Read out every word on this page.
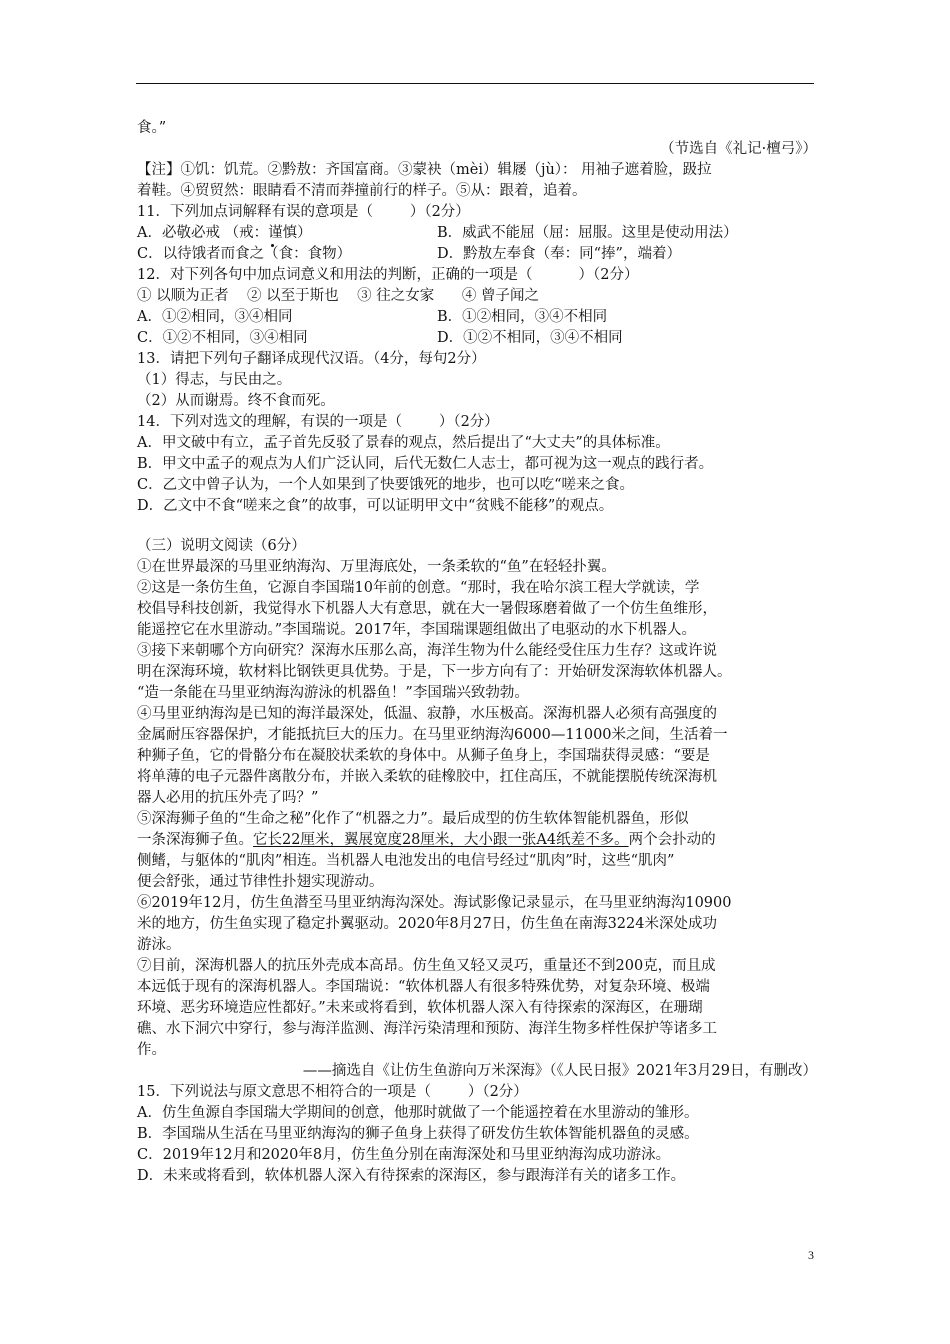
食。”

（节选自《礼记·檀弓》）

【注】①饥：饥荒。②黔敖：齐国富商。③蒙袂（mèi）辑屦（jù）： 用袖子遮着脸，趿拉

着鞋。④贸贸然：眼睛看不清而莽撞前行的样子。⑤从：跟着，追着。

11．下列加点词解释有误的意项是（        ）（2分）

A．必敬必戒 （戒：谨慎）	B．威武不能屈（屈：屈服。这里是使动用法）
C．以待饿者而食之（食：食物）	D．黔敖左奉食（奉：同“捧”，端着）

12．对下列各句中加点词意义和用法的判断，正确的一项是（          ）（2分）

① 以顺为正者    ② 以至于斯也    ③ 往之女家      ④ 曾子闻之

A．①②相同，③④相同	B．①②相同，③④不相同
C．①②不相同，③④相同	D．①②不相同，③④不相同

13．请把下列句子翻译成现代汉语。（4分，每句2分）

（1）得志，与民由之。

（2）从而谢焉。终不食而死。

14．下列对选文的理解，有误的一项是（        ）（2分）

A．甲文破中有立，孟子首先反驳了景春的观点，然后提出了“大丈夫”的具体标准。

B．甲文中孟子的观点为人们广泛认同，后代无数仁人志士，都可视为这一观点的践行者。

C．乙文中曾子认为，一个人如果到了快要饿死的地步，也可以吃“嗟来之食。

D．乙文中不食“嗟来之食”的故事，可以证明甲文中“贫贱不能移”的观点。

（三）说明文阅读（6分）

①在世界最深的马里亚纳海沟、万里海底处，一条柔软的“鱼”在轻轻扑翼。

②这是一条仿生鱼，它源自李国瑞10年前的创意。“那时，我在哈尔滨工程大学就读，学

校倡导科技创新，我觉得水下机器人大有意思，就在大一暑假琢磨着做了一个仿生鱼维形，

能遥控它在水里游动。”李国瑞说。2017年，李国瑞课题组做出了电驱动的水下机器人。

③接下来朝哪个方向研究？深海水压那么高，海洋生物为什么能经受住压力生存？这或许说

明在深海环境，软材料比钢铁更具优势。于是，下一步方向有了：开始研发深海软体机器人。

“造一条能在马里亚纳海沟游泳的机器鱼！”李国瑞兴致勃勃。

④马里亚纳海沟是已知的海洋最深处，低温、寂静，水压极高。深海机器人必须有高强度的

金属耐压容器保护，才能抵抗巨大的压力。在马里亚纳海沟6000—11000米之间，生活着一

种狮子鱼，它的骨骼分布在凝胶状柔软的身体中。从狮子鱼身上，李国瑞获得灵感：“要是

将单薄的电子元器件离散分布，并嵌入柔软的硅橡胶中，扛住高压，不就能摆脱传统深海机

器人必用的抗压外壳了吗？”

⑤深海狮子鱼的“生命之秘”化作了“机器之力”。最后成型的仿生软体智能机器鱼，形似

一条深海狮子鱼。它长22厘米，翼展宽度28厘米，大小跟一张A4纸差不多。两个会扑动的

侧鳍，与躯体的“肌肉”相连。当机器人电池发出的电信号经过“肌肉”时，这些“肌肉”

便会舒张，通过节律性扑翅实现游动。

⑥2019年12月，仿生鱼潜至马里亚纳海沟深处。海试影像记录显示，在马里亚纳海沟10900

米的地方，仿生鱼实现了稳定扑翼驱动。2020年8月27日，仿生鱼在南海3224米深处成功

游泳。

⑦目前，深海机器人的抗压外壳成本高昂。仿生鱼又轻又灵巧，重量还不到200克，而且成

本远低于现有的深海机器人。李国瑞说：“软体机器人有很多特殊优势，对复杂环境、极端

环境、恶劣环境造应性都好。”未来或将看到，软体机器人深入有待探索的深海区，在珊瑚

礁、水下洞穴中穿行，参与海洋监测、海洋污染清理和预防、海洋生物多样性保护等诸多工

作。

——摘选自《让仿生鱼游向万米深海》（《人民日报》2021年3月29日，有删改）

15．下列说法与原文意思不相符合的一项是（        ）（2分）

A．仿生鱼源自李国瑞大学期间的创意，他那时就做了一个能遥控着在水里游动的雏形。

B．李国瑞从生活在马里亚纳海沟的狮子鱼身上获得了研发仿生软体智能机器鱼的灵感。

C．2019年12月和2020年8月，仿生鱼分别在南海深处和马里亚纳海沟成功游泳。

D．未来或将看到，软体机器人深入有待探索的深海区，参与跟海洋有关的诸多工作。

3
